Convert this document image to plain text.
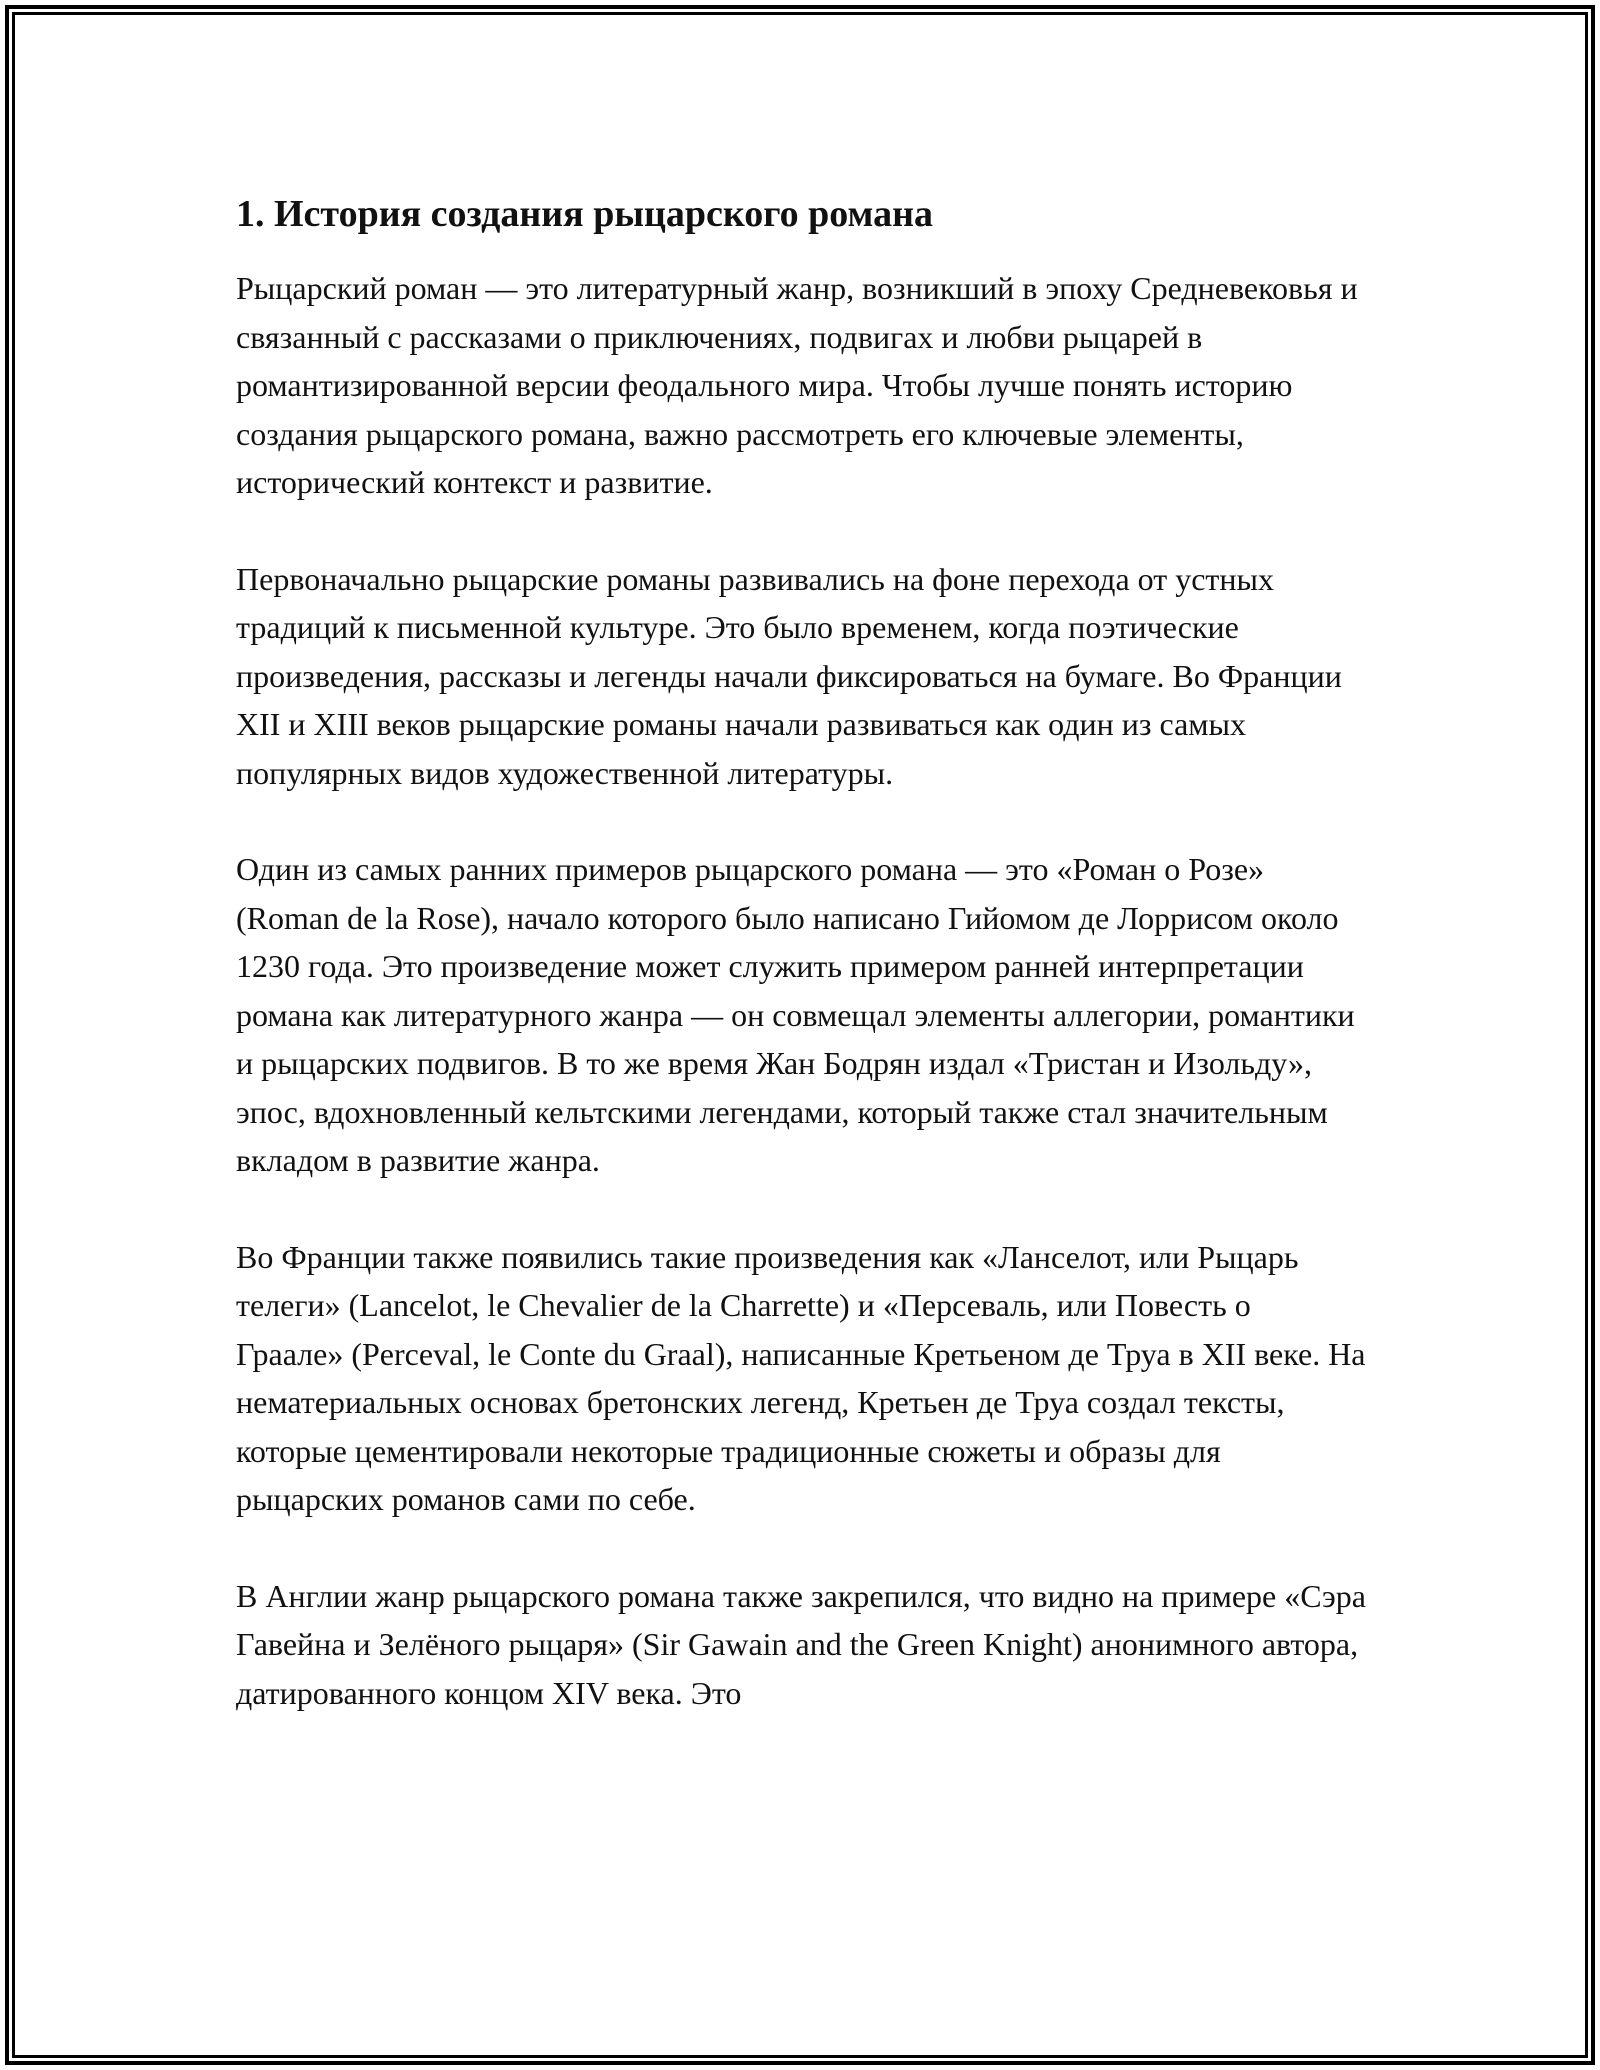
1. История создания рыцарского романа

Рыцарский роман — это литературный жанр, возникший в эпоху Средневековья и связанный с рассказами о приключениях, подвигах и любви рыцарей в романтизированной версии феодального мира. Чтобы лучше понять историю создания рыцарского романа, важно рассмотреть его ключевые элементы, исторический контекст и развитие.

Первоначально рыцарские романы развивались на фоне перехода от устных традиций к письменной культуре. Это было временем, когда поэтические произведения, рассказы и легенды начали фиксироваться на бумаге. Во Франции XII и XIII веков рыцарские романы начали развиваться как один из самых популярных видов художественной литературы.

Один из самых ранних примеров рыцарского романа — это «Роман о Розе» (Roman de la Rose), начало которого было написано Гийомом де Лоррисом около 1230 года. Это произведение может служить примером ранней интерпретации романа как литературного жанра — он совмещал элементы аллегории, романтики и рыцарских подвигов. В то же время Жан Бодрян издал «Тристан и Изольду», эпос, вдохновленный кельтскими легендами, который также стал значительным вкладом в развитие жанра.

Во Франции также появились такие произведения как «Ланселот, или Рыцарь телеги» (Lancelot, le Chevalier de la Charrette) и «Персеваль, или Повесть о Граале» (Perceval, le Conte du Graal), написанные Кретьеном де Труа в XII веке. На нематериальных основах бретонских легенд, Кретьен де Труа создал тексты, которые цементировали некоторые традиционные сюжеты и образы для рыцарских романов сами по себе.

В Англии жанр рыцарского романа также закрепился, что видно на примере «Сэра Гавейна и Зелёного рыцаря» (Sir Gawain and the Green Knight) анонимного автора, датированного концом XIV века. Это
